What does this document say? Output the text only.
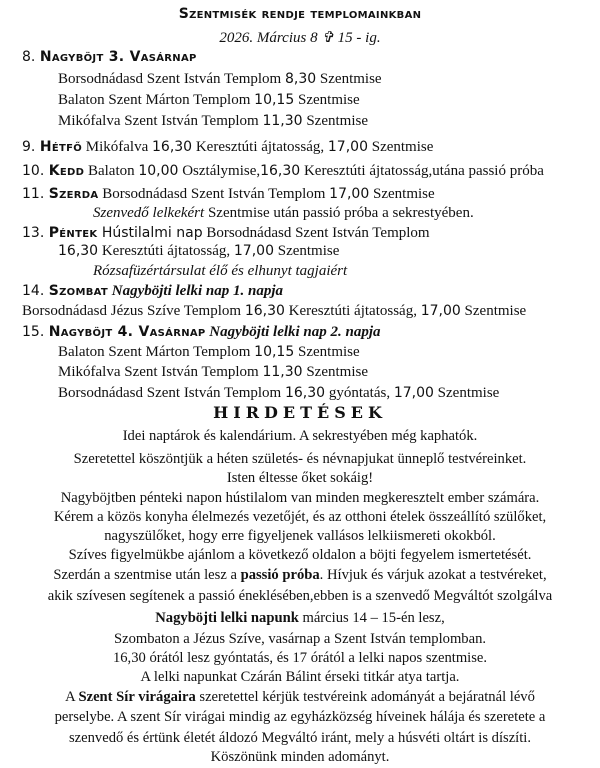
Szentmisék rendje templomainkban
2026. Március 8 ✞ 15 - ig.
8. Nagyböjt 3. Vasárnap
Borsodnádasd Szent István Templom 8,30 Szentmise
Balaton Szent Márton Templom 10,15 Szentmise
Mikófalva Szent István Templom 11,30 Szentmise
9. Hétfő Mikófalva 16,30 Keresztúti ájtatosság, 17,00 Szentmise
10. Kedd Balaton 10,00 Osztálymise,16,30 Keresztúti ájtatosság,utána passió próba
11. Szerda Borsodnádasd Szent István Templom 17,00 Szentmise
Szenvedő lelkekért Szentmise után passió próba a sekrestyében.
13. Péntek Hústilalmi nap Borsodnádasd Szent István Templom
16,30 Keresztúti ájtatosság, 17,00 Szentmise
Rózsafüzértársulat élő és elhunyt tagjaiért
14. Szombat Nagyböjti lelki nap 1. napja
Borsodnádasd Jézus Szíve Templom 16,30 Keresztúti ájtatosság, 17,00 Szentmise
15. Nagyböjt 4. Vasárnap Nagyböjti lelki nap 2. napja
Balaton Szent Márton Templom 10,15 Szentmise
Mikófalva Szent István Templom 11,30 Szentmise
Borsodnádasd Szent István Templom 16,30 gyóntatás, 17,00 Szentmise
HIRDETÉSEK
Idei naptárok és kalendárium. A sekrestyében még kaphatók.
Szeretettel köszöntjük a héten születés- és névnapjukat ünneplő testvéreinket.
Isten éltesse őket sokáig!
Nagyböjtben pénteki napon hústilalom van minden megkeresztelt ember számára.
Kérem a közös konyha élelmezés vezetőjét, és az otthoni ételek összeállító szülőket,
nagyszülőket, hogy erre figyeljenek vallásos lelkiismereti okokból.
Szíves figyelmükbe ajánlom a következő oldalon a böjti fegyelem ismertetését.
Szerdán a szentmise után lesz a passió próba. Hívjuk és várjuk azokat a testvéreket,
akik szívesen segítenek a passió éneklésében,ebben is a szenvedő Megváltót szolgálva
Nagyböjti lelki napunk március 14 – 15-én lesz,
Szombaton a Jézus Szíve, vasárnap a Szent István templomban.
16,30 órától lesz gyóntatás, és 17 órától a lelki napos szentmise.
A lelki napunkat Czárán Bálint érseki titkár atya tartja.
A Szent Sír virágaira szeretettel kérjük testvéreink adományát a bejáratnál lévő
perselybe. A szent Sír virágai mindig az egyházközség híveinek hálája és szeretete a
szenvedő és értünk életét áldozó Megváltó iránt, mely a húsvéti oltárt is díszíti.
Köszönünk minden adományt.
